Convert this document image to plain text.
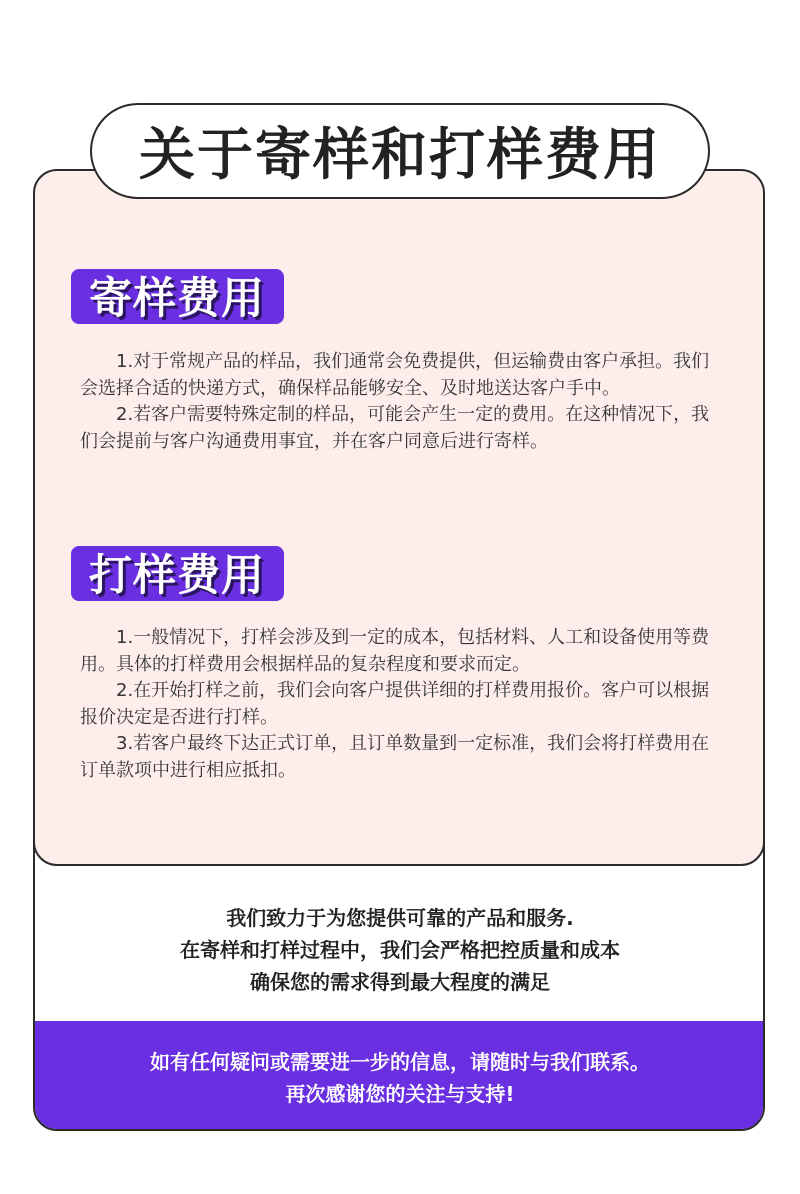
关于寄样和打样费用
寄样费用

1.对于常规产品的样品，我们通常会免费提供，但运输费由客户承担。我们会选择合适的快递方式，确保样品能够安全、及时地送达客户手中。

2.若客户需要特殊定制的样品，可能会产生一定的费用。在这种情况下，我们会提前与客户沟通费用事宜，并在客户同意后进行寄样。

打样费用

1.一般情况下，打样会涉及到一定的成本，包括材料、人工和设备使用等费用。具体的打样费用会根据样品的复杂程度和要求而定。

2.在开始打样之前，我们会向客户提供详细的打样费用报价。客户可以根据报价决定是否进行打样。

3.若客户最终下达正式订单，且订单数量到一定标准，我们会将打样费用在订单款项中进行相应抵扣。

我们致力于为您提供可靠的产品和服务.
在寄样和打样过程中，我们会严格把控质量和成本
确保您的需求得到最大程度的满足
如有任何疑问或需要进一步的信息，请随时与我们联系。
再次感谢您的关注与支持!
